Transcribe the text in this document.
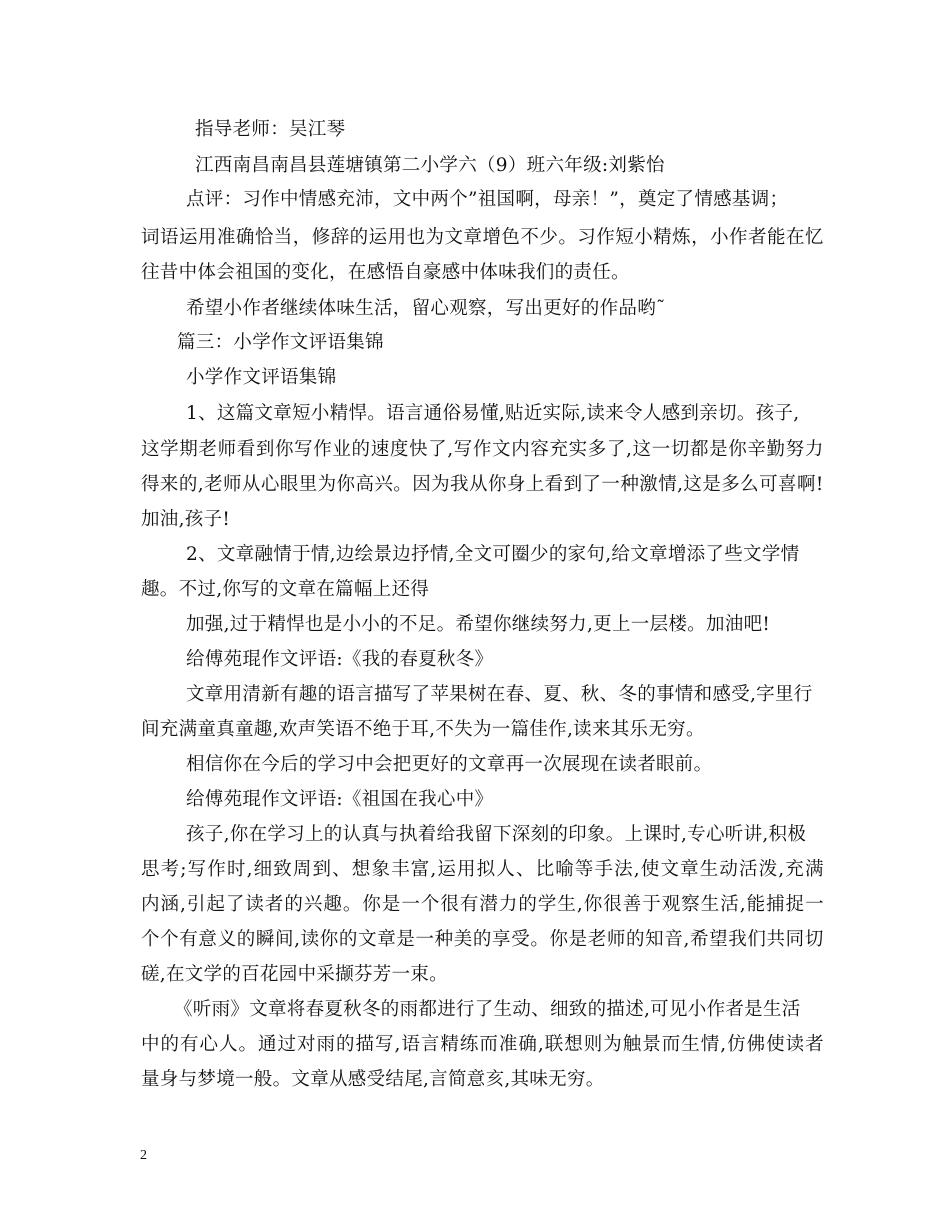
指导老师：吴江琴
江西南昌南昌县莲塘镇第二小学六（9）班六年级:刘紫怡
点评：习作中情感充沛，文中两个”祖国啊，母亲！”，奠定了情感基调；
词 语 运 用 准 确 恰 当 ， 修 辞 的 运 用 也 为 文 章 增 色 不 少 。 习 作 短 小 精 炼 ， 小 作 者 能 在 忆
往昔中体会祖国的变化，在感悟自豪感中体味我们的责任。
希望小作者继续体味生活，留心观察，写出更好的作品哟˜
篇三：小学作文评语集锦
小学作文评语集锦
1、这篇文章短小精悍。语言通俗易懂,贴近实际,读来令人感到亲切。孩子,
这 学 期 老 师 看 到 你 写 作 业 的 速 度 快 了 , 写 作 文 内 容 充 实 多 了 , 这 一 切 都 是 你 辛 勤 努 力
得 来 的 , 老 师 从 心 眼 里 为 你 高 兴 。 因 为 我 从 你 身 上 看 到 了 一 种 激 情 , 这 是 多 么 可 喜 啊 !
加油,孩子!
2、文章融情于情,边绘景边抒情,全文可圈少的家句,给文章增添了些文学情
趣。不过,你写的文章在篇幅上还得
加强,过于精悍也是小小的不足。希望你继续努力,更上一层楼。加油吧!
给傅苑琨作文评语:《我的春夏秋冬》
文章用清新有趣的语言描写了苹果树在春、夏、秋、冬的事情和感受,字里行
间充满童真童趣,欢声笑语不绝于耳,不失为一篇佳作,读来其乐无穷。
相信你在今后的学习中会把更好的文章再一次展现在读者眼前。
给傅苑琨作文评语:《祖国在我心中》
孩子,你在学习上的认真与执着给我留下深刻的印象。上课时,专心听讲,积极
思 考 ; 写 作 时 , 细 致 周 到 、 想 象 丰 富 , 运 用 拟 人 、 比 喻 等 手 法 , 使 文 章 生 动 活 泼 , 充 满
内 涵 , 引 起 了 读 者 的 兴 趣 。 你 是 一 个 很 有 潜 力 的 学 生 , 你 很 善 于 观 察 生 活 , 能 捕 捉 一
个 个 有 意 义 的 瞬 间 , 读 你 的 文 章 是 一 种 美 的 享 受 。 你 是 老 师 的 知 音 , 希 望 我 们 共 同 切
磋,在文学的百花园中采撷芬芳一束。
《听雨》文章将春夏秋冬的雨都进行了生动、细致的描述,可见小作者是生活
中 的 有 心 人 。 通 过 对 雨 的 描 写 , 语 言 精 练 而 准 确 , 联 想 则 为 触 景 而 生 情 , 仿 佛 使 读 者
量身与梦境一般。文章从感受结尾,言简意亥,其味无穷。
2
